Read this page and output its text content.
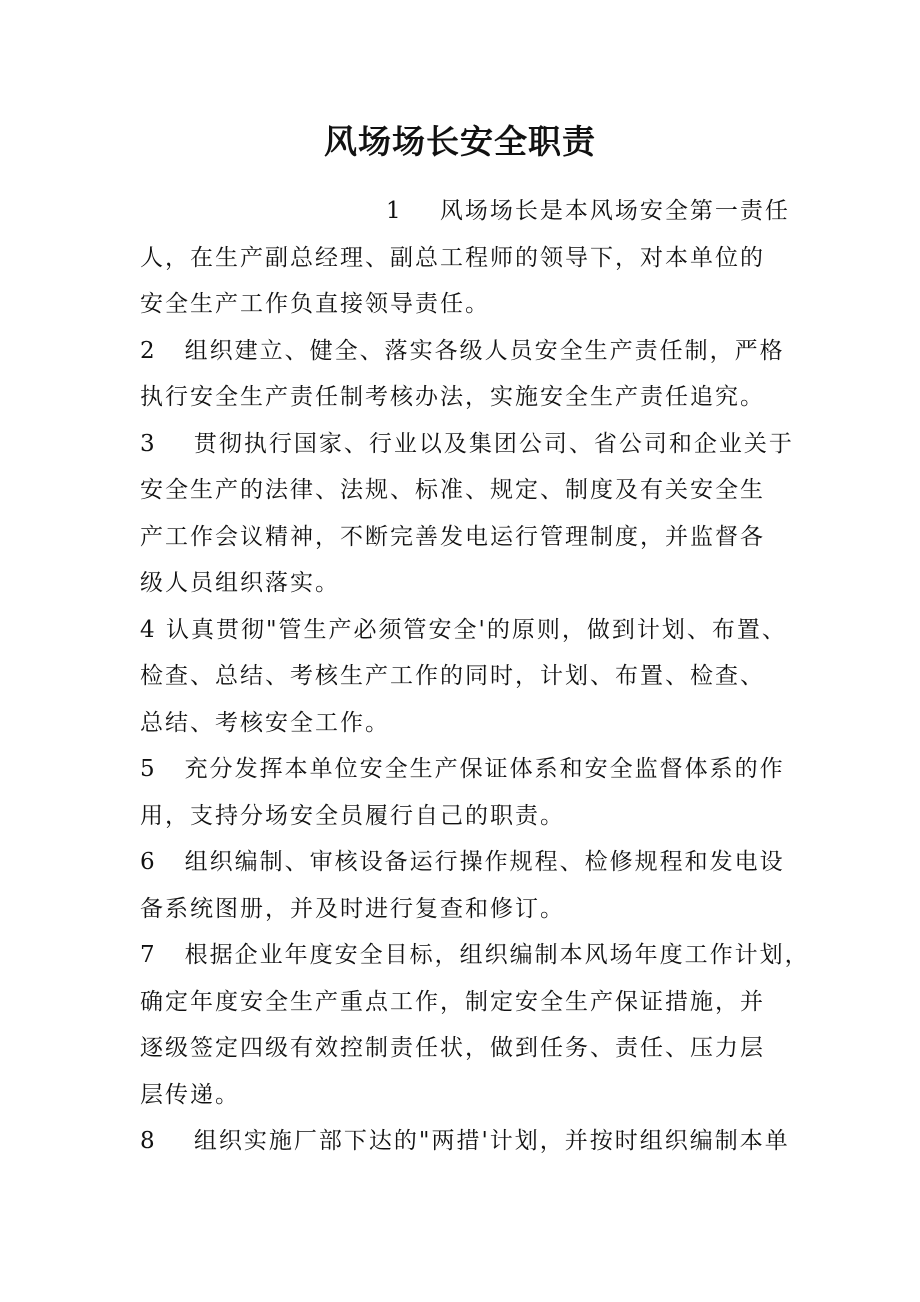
风场场长安全职责
1    风场场长是本风场安全第一责任
人，在生产副总经理、副总工程师的领导下，对本单位的
安全生产工作负直接领导责任。
2   组织建立、健全、落实各级人员安全生产责任制，严格
执行安全生产责任制考核办法，实施安全生产责任追究。
3    贯彻执行国家、行业以及集团公司、省公司和企业关于
安全生产的法律、法规、标准、规定、制度及有关安全生
产工作会议精神，不断完善发电运行管理制度，并监督各
级人员组织落实。
4 认真贯彻"管生产必须管安全'的原则，做到计划、布置、
检查、总结、考核生产工作的同时，计划、布置、检查、
总结、考核安全工作。
5   充分发挥本单位安全生产保证体系和安全监督体系的作
用，支持分场安全员履行自己的职责。
6   组织编制、审核设备运行操作规程、检修规程和发电设
备系统图册，并及时进行复查和修订。
7   根据企业年度安全目标，组织编制本风场年度工作计划，
确定年度安全生产重点工作，制定安全生产保证措施，并
逐级签定四级有效控制责任状，做到任务、责任、压力层
层传递。
8    组织实施厂部下达的"两措'计划，并按时组织编制本单
